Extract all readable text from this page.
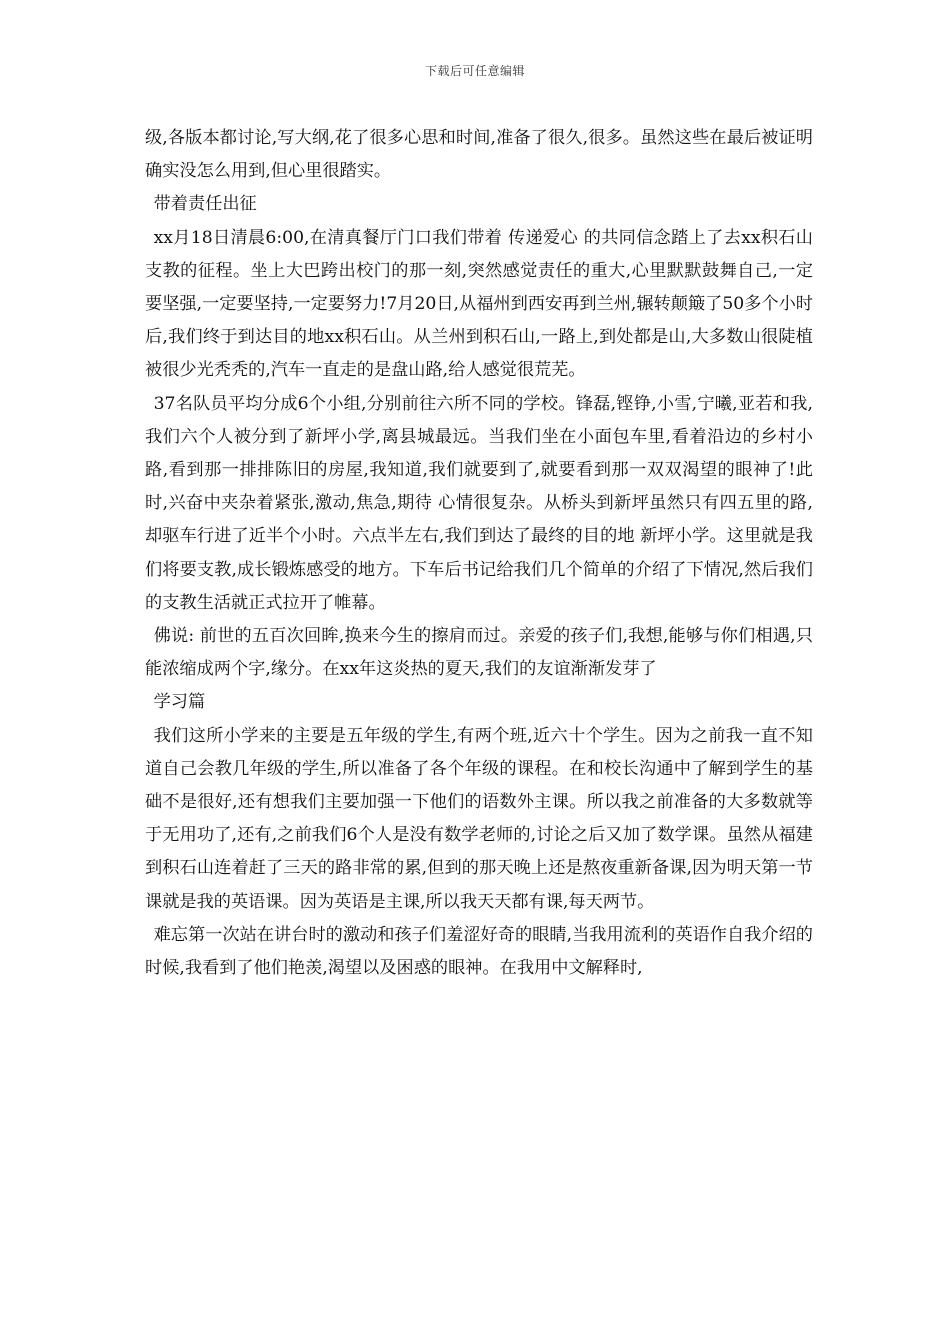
下载后可任意编辑

级,各版本都讨论,写大纲,花了很多心思和时间,准备了很久,很多。虽然这些在最后被证明确实没怎么用到,但心里很踏实。

带着责任出征

xx月18日清晨6:00,在清真餐厅门口我们带着 传递爱心 的共同信念踏上了去xx积石山支教的征程。坐上大巴跨出校门的那一刻,突然感觉责任的重大,心里默默鼓舞自己,一定要坚强,一定要坚持,一定要努力!7月20日,从福州到西安再到兰州,辗转颠簸了50多个小时后,我们终于到达目的地xx积石山。从兰州到积石山,一路上,到处都是山,大多数山很陡植被很少光秃秃的,汽车一直走的是盘山路,给人感觉很荒芜。

37名队员平均分成6个小组,分别前往六所不同的学校。锋磊,铿铮,小雪,宁曦,亚若和我,我们六个人被分到了新坪小学,离县城最远。当我们坐在小面包车里,看着沿边的乡村小路,看到那一排排陈旧的房屋,我知道,我们就要到了,就要看到那一双双渴望的眼神了!此时,兴奋中夹杂着紧张,激动,焦急,期待 心情很复杂。从桥头到新坪虽然只有四五里的路,却驱车行进了近半个小时。六点半左右,我们到达了最终的目的地 新坪小学。这里就是我们将要支教,成长锻炼感受的地方。下车后书记给我们几个简单的介绍了下情况,然后我们的支教生活就正式拉开了帷幕。

佛说: 前世的五百次回眸,换来今生的擦肩而过。亲爱的孩子们,我想,能够与你们相遇,只能浓缩成两个字,缘分。在xx年这炎热的夏天,我们的友谊渐渐发芽了

学习篇

我们这所小学来的主要是五年级的学生,有两个班,近六十个学生。因为之前我一直不知道自己会教几年级的学生,所以准备了各个年级的课程。在和校长沟通中了解到学生的基础不是很好,还有想我们主要加强一下他们的语数外主课。所以我之前准备的大多数就等于无用功了,还有,之前我们6个人是没有数学老师的,讨论之后又加了数学课。虽然从福建到积石山连着赶了三天的路非常的累,但到的那天晚上还是熬夜重新备课,因为明天第一节课就是我的英语课。因为英语是主课,所以我天天都有课,每天两节。

难忘第一次站在讲台时的激动和孩子们羞涩好奇的眼睛,当我用流利的英语作自我介绍的时候,我看到了他们艳羡,渴望以及困惑的眼神。在我用中文解释时,
